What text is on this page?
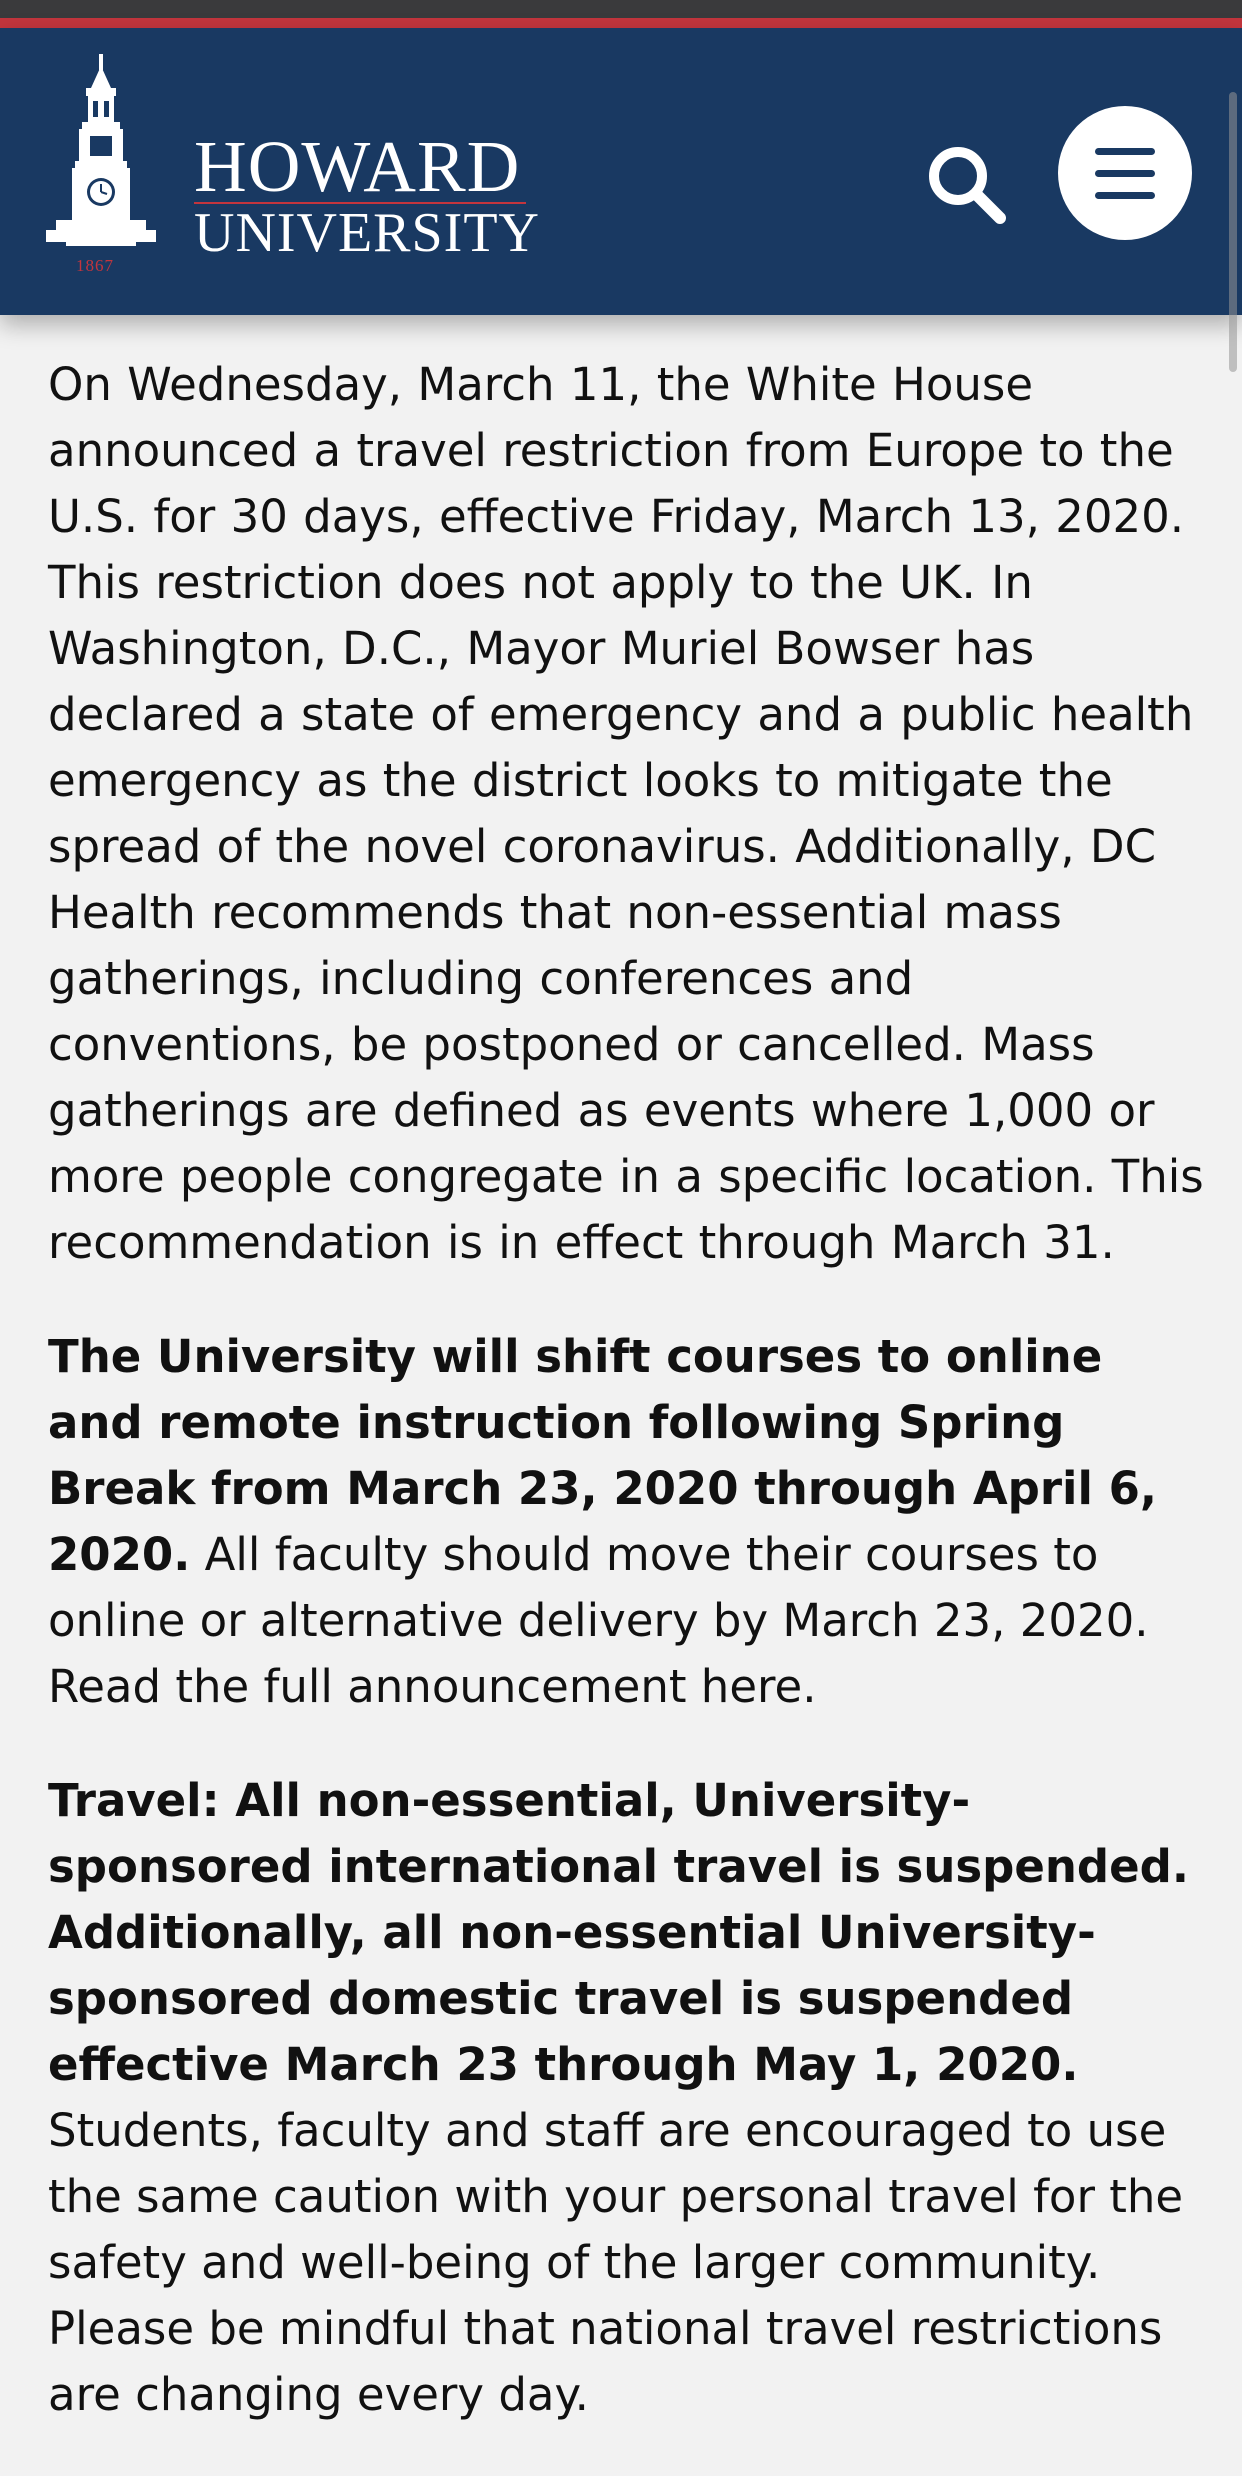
1867
HOWARD
UNIVERSITY

On Wednesday, March 11, the White House announced a travel restriction from Europe to the U.S. for 30 days, effective Friday, March 13, 2020. This restriction does not apply to the UK. In Washington, D.C., Mayor Muriel Bowser has declared a state of emergency and a public health emergency as the district looks to mitigate the spread of the novel coronavirus. Additionally, DC Health recommends that non-essential mass gatherings, including conferences and conventions, be postponed or cancelled. Mass gatherings are defined as events where 1,000 or more people congregate in a specific location. This recommendation is in effect through March 31.

The University will shift courses to online and remote instruction following Spring Break from March 23, 2020 through April 6, 2020. All faculty should move their courses to online or alternative delivery by March 23, 2020. Read the full announcement here.

Travel: All non-essential, University-sponsored international travel is suspended. Additionally, all non-essential University-sponsored domestic travel is suspended effective March 23 through May 1, 2020. Students, faculty and staff are encouraged to use the same caution with your personal travel for the safety and well-being of the larger community. Please be mindful that national travel restrictions are changing every day.
